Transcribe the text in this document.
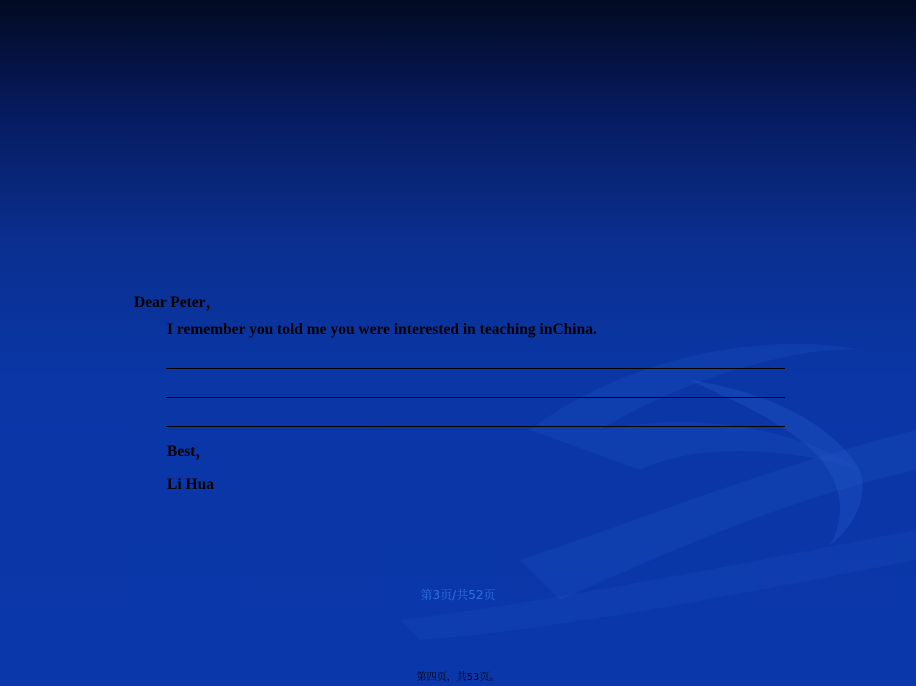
Dear Peter，
I remember you told me you were interested in teaching inChina.
Best，
Li Hua
第3页/共52页
第四页，共53页。
